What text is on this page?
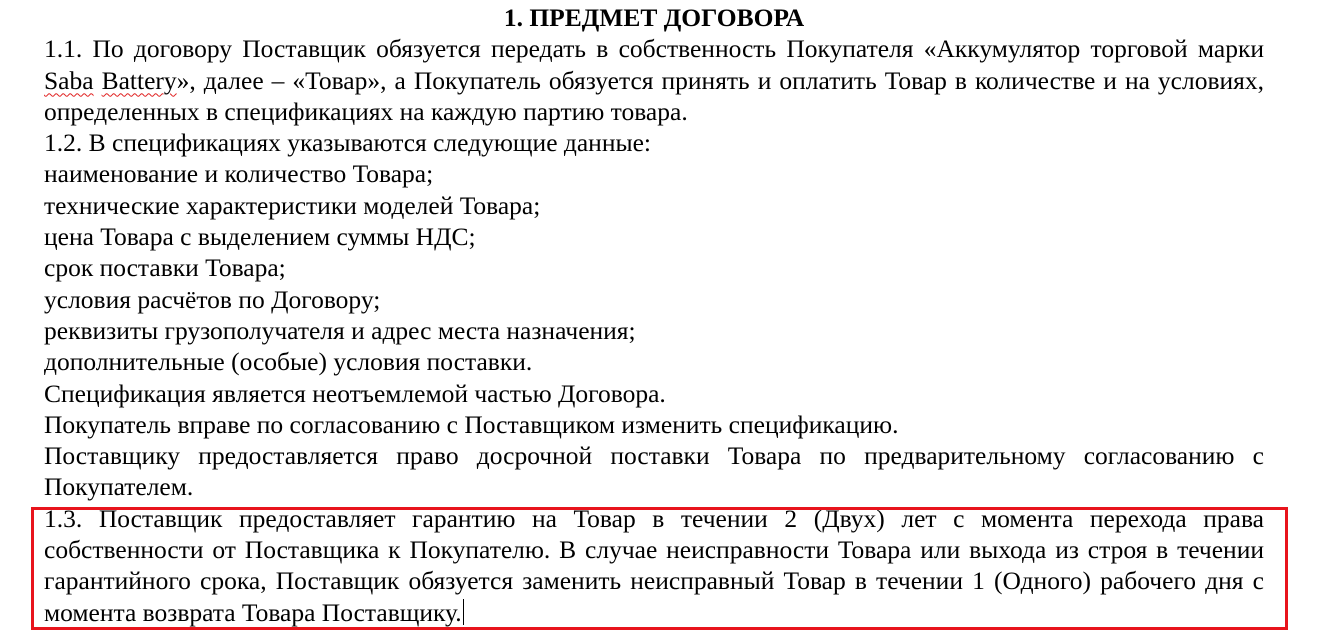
1. ПРЕДМЕТ ДОГОВОРА

1.1. По договору Поставщик обязуется передать в собственность Покупателя «Аккумулятор торговой марки Saba Battery», далее – «Товар», а Покупатель обязуется принять и оплатить Товар в количестве и на условиях, определенных в спецификациях на каждую партию товара.

1.2. В спецификациях указываются следующие данные:

наименование и количество Товара;

технические характеристики моделей Товара;

цена Товара с выделением суммы НДС;

срок поставки Товара;

условия расчётов по Договору;

реквизиты грузополучателя и адрес места назначения;

дополнительные (особые) условия поставки.

Спецификация является неотъемлемой частью Договора.

Покупатель вправе по согласованию с Поставщиком изменить спецификацию.

Поставщику предоставляется право досрочной поставки Товара по предварительному согласованию с Покупателем.

1.3. Поставщик предоставляет гарантию на Товар в течении 2 (Двух) лет с момента перехода права собственности от Поставщика к Покупателю. В случае неисправности Товара или выхода из строя в течении гарантийного срока, Поставщик обязуется заменить неисправный Товар в течении 1 (Одного) рабочего дня с момента возврата Товара Поставщику.
